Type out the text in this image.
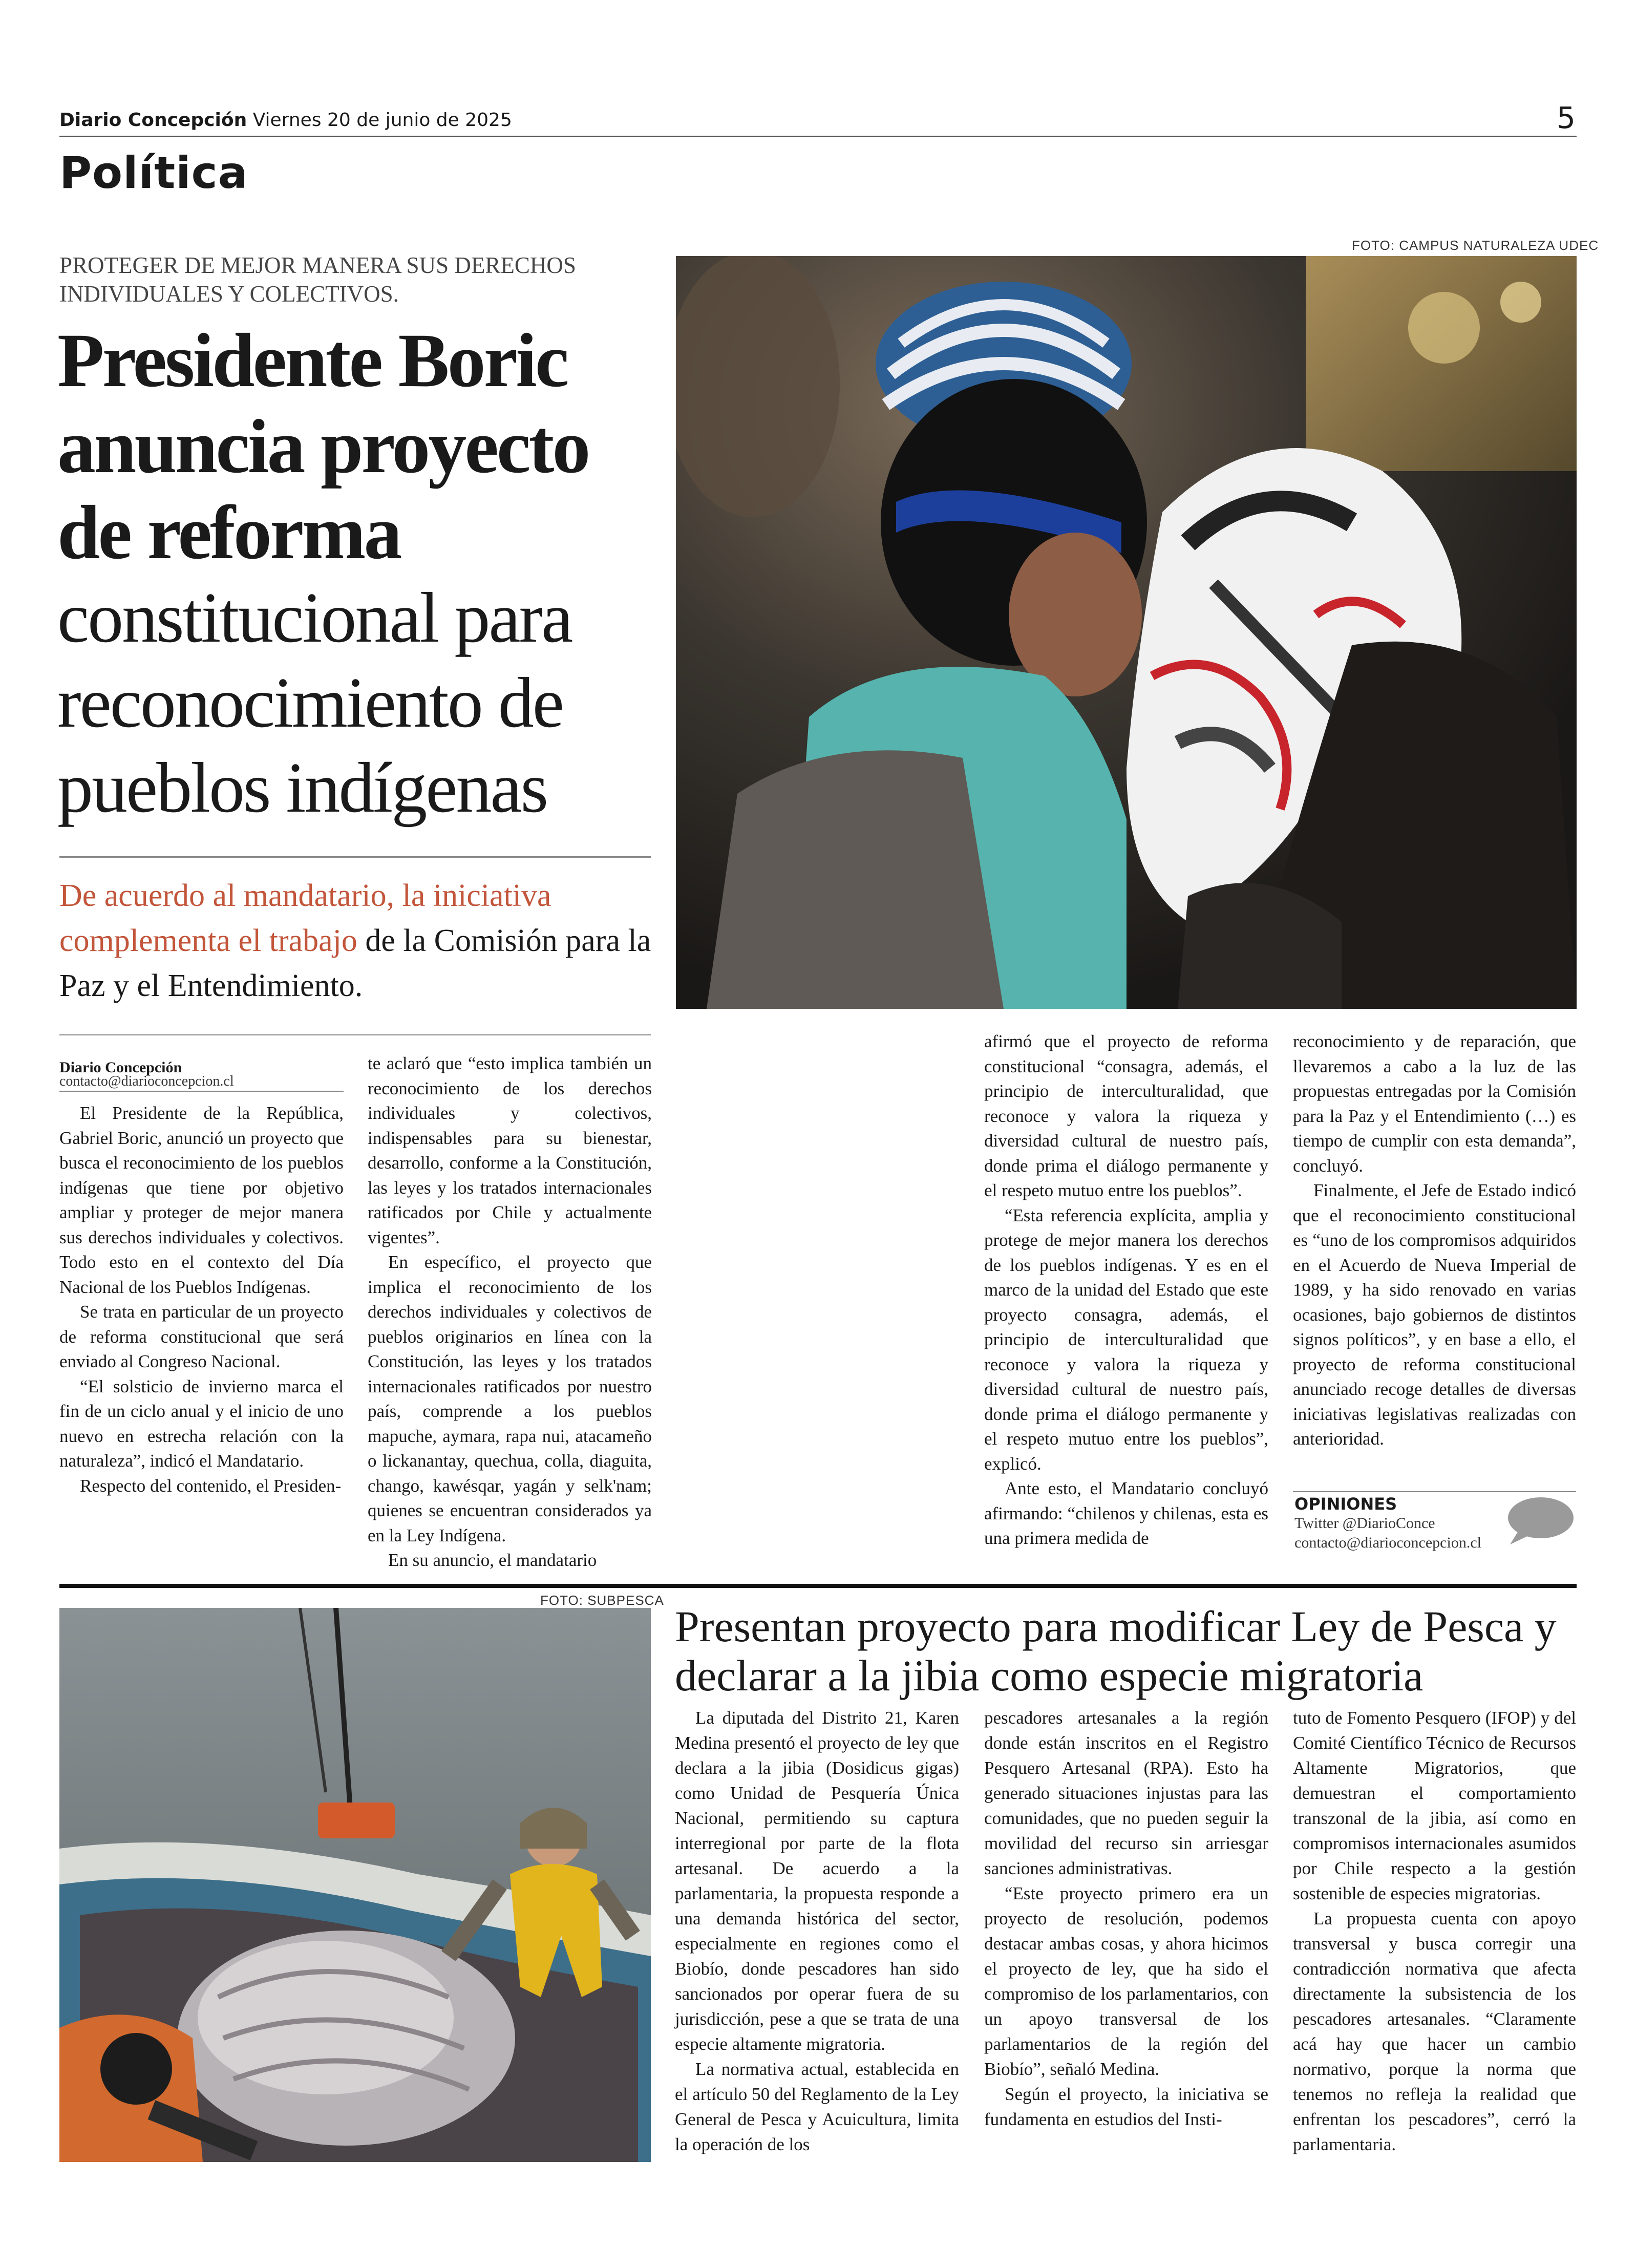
Diario Concepción Viernes 20 de junio de 2025	5
Política
PROTEGER DE MEJOR MANERA SUS DERECHOS INDIVIDUALES Y COLECTIVOS.
Presidente Boric
anuncia proyecto
de reforma
constitucional para
reconocimiento de
pueblos indígenas
De acuerdo al mandatario, la iniciativa complementa el trabajo de la Comisión para la Paz y el Entendimiento.
FOTO: CAMPUS NATURALEZA UDEC
Diario Concepción
contacto@diarioconcepcion.cl

El Presidente de la República, Gabriel Boric, anunció un proyecto que busca el reconocimiento de los pueblos indígenas que tiene por objetivo ampliar y proteger de mejor manera sus derechos individuales y colectivos. Todo esto en el contexto del Día Nacional de los Pueblos Indígenas.

Se trata en particular de un proyecto de reforma constitucional que será enviado al Congreso Nacional.

“El solsticio de invierno marca el fin de un ciclo anual y el inicio de uno nuevo en estrecha relación con la naturaleza”, indicó el Mandatario.

Respecto del contenido, el Presiden-

te aclaró que “esto implica también un reconocimiento de los derechos individuales y colectivos, indispensables para su bienestar, desarrollo, conforme a la Constitución, las leyes y los tratados internacionales ratificados por Chile y actualmente vigentes”.

En específico, el proyecto que implica el reconocimiento de los derechos individuales y colectivos de pueblos originarios en línea con la Constitución, las leyes y los tratados internacionales ratificados por nuestro país, comprende a los pueblos mapuche, aymara, rapa nui, atacameño o lickanantay, quechua, colla, diaguita, chango, kawésqar, yagán y selk'nam; quienes se encuentran considerados ya en la Ley Indígena.

En su anuncio, el mandatario

afirmó que el proyecto de reforma constitucional “consagra, además, el principio de interculturalidad, que reconoce y valora la riqueza y diversidad cultural de nuestro país, donde prima el diálogo permanente y el respeto mutuo entre los pueblos”.

“Esta referencia explícita, amplia y protege de mejor manera los derechos de los pueblos indígenas. Y es en el marco de la unidad del Estado que este proyecto consagra, además, el principio de interculturalidad que reconoce y valora la riqueza y diversidad cultural de nuestro país, donde prima el diálogo permanente y el respeto mutuo entre los pueblos”, explicó.

Ante esto, el Mandatario concluyó afirmando: “chilenos y chilenas, esta es una primera medida de

reconocimiento y de reparación, que llevaremos a cabo a la luz de las propuestas entregadas por la Comisión para la Paz y el Entendimiento (…) es tiempo de cumplir con esta demanda”, concluyó.

Finalmente, el Jefe de Estado indicó que el reconocimiento constitucional es “uno de los compromisos adquiridos en el Acuerdo de Nueva Imperial de 1989, y ha sido renovado en varias ocasiones, bajo gobiernos de distintos signos políticos”, y en base a ello, el proyecto de reforma constitucional anunciado recoge detalles de diversas iniciativas legislativas realizadas con anterioridad.

OPINIONES
Twitter @DiarioConce
contacto@diarioconcepcion.cl
FOTO: SUBPESCA
Presentan proyecto para modificar Ley de Pesca y declarar a la jibia como especie migratoria

La diputada del Distrito 21, Karen Medina presentó el proyecto de ley que declara a la jibia (Dosidicus gigas) como Unidad de Pesquería Única Nacional, permitiendo su captura interregional por parte de la flota artesanal. De acuerdo a la parlamentaria, la propuesta responde a una demanda histórica del sector, especialmente en regiones como el Biobío, donde pescadores han sido sancionados por operar fuera de su jurisdicción, pese a que se trata de una especie altamente migratoria.

La normativa actual, establecida en el artículo 50 del Reglamento de la Ley General de Pesca y Acuicultura, limita la operación de los

pescadores artesanales a la región donde están inscritos en el Registro Pesquero Artesanal (RPA). Esto ha generado situaciones injustas para las comunidades, que no pueden seguir la movilidad del recurso sin arriesgar sanciones administrativas.

“Este proyecto primero era un proyecto de resolución, podemos destacar ambas cosas, y ahora hicimos el proyecto de ley, que ha sido el compromiso de los parlamentarios, con un apoyo transversal de los parlamentarios de la región del Biobío”, señaló Medina.

Según el proyecto, la iniciativa se fundamenta en estudios del Insti-

tuto de Fomento Pesquero (IFOP) y del Comité Científico Técnico de Recursos Altamente Migratorios, que demuestran el comportamiento transzonal de la jibia, así como en compromisos internacionales asumidos por Chile respecto a la gestión sostenible de especies migratorias.

La propuesta cuenta con apoyo transversal y busca corregir una contradicción normativa que afecta directamente la subsistencia de los pescadores artesanales. “Claramente acá hay que hacer un cambio normativo, porque la norma que tenemos no refleja la realidad que enfrentan los pescadores”, cerró la parlamentaria.
